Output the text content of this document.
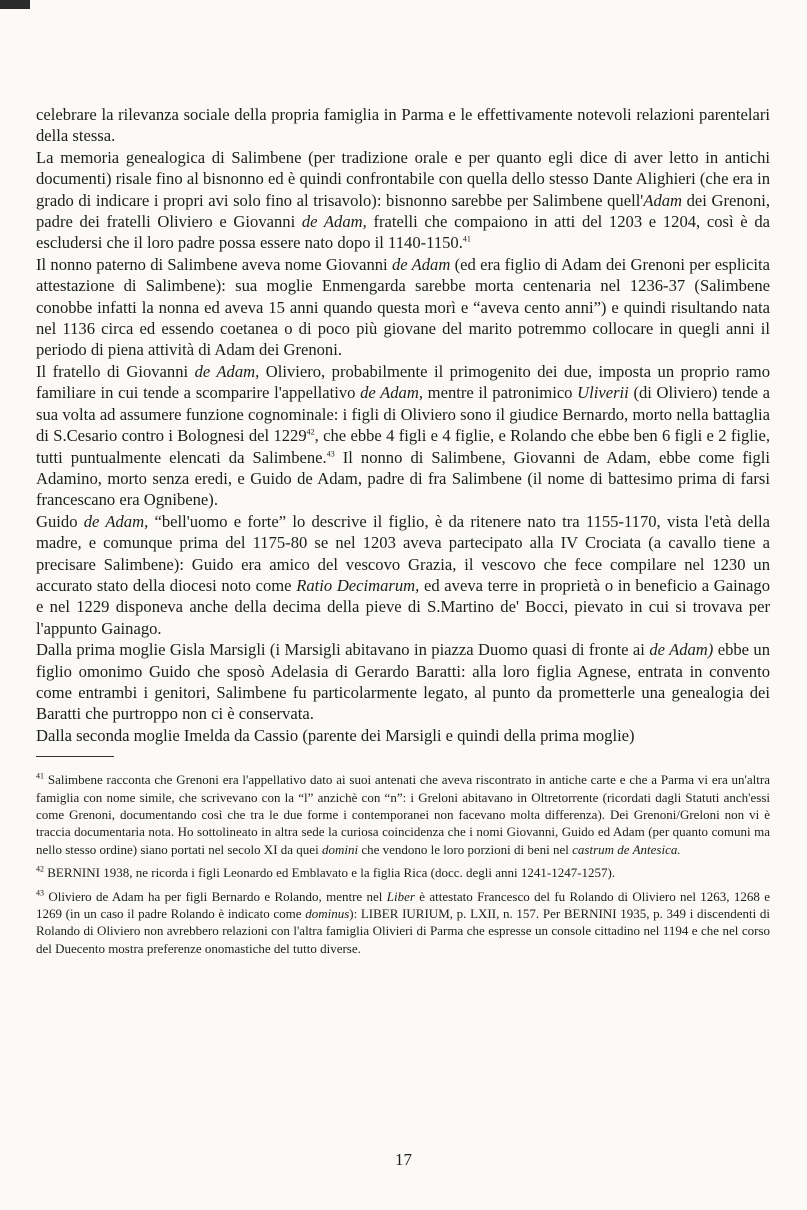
celebrare la rilevanza sociale della propria famiglia in Parma e le effettivamente notevoli relazioni parentelari della stessa.

La memoria genealogica di Salimbene (per tradizione orale e per quanto egli dice di aver letto in antichi documenti) risale fino al bisnonno ed è quindi confrontabile con quella dello stesso Dante Alighieri (che era in grado di indicare i propri avi solo fino al trisavolo): bisnonno sarebbe per Salimbene quell'Adam dei Grenoni, padre dei fratelli Oliviero e Giovanni de Adam, fratelli che compaiono in atti del 1203 e 1204, così è da escludersi che il loro padre possa essere nato dopo il 1140-1150.41

Il nonno paterno di Salimbene aveva nome Giovanni de Adam (ed era figlio di Adam dei Grenoni per esplicita attestazione di Salimbene): sua moglie Enmengarda sarebbe morta centenaria nel 1236-37 (Salimbene conobbe infatti la nonna ed aveva 15 anni quando questa morì e “aveva cento anni”) e quindi risultando nata nel 1136 circa ed essendo coetanea o di poco più giovane del marito potremmo collocare in quegli anni il periodo di piena attività di Adam dei Grenoni.

Il fratello di Giovanni de Adam, Oliviero, probabilmente il primogenito dei due, imposta un proprio ramo familiare in cui tende a scomparire l'appellativo de Adam, mentre il patronimico Uliverii (di Oliviero) tende a sua volta ad assumere funzione cognominale: i figli di Oliviero sono il giudice Bernardo, morto nella battaglia di S.Cesario contro i Bolognesi del 1229$^{42}$, che ebbe 4 figli e 4 figlie, e Rolando che ebbe ben 6 figli e 2 figlie, tutti puntualmente elencati da Salimbene.$^{43}$ Il nonno di Salimbene, Giovanni de Adam, ebbe come figli Adamino, morto senza eredi, e Guido de Adam, padre di fra Salimbene (il nome di battesimo prima di farsi francescano era Ognibene).

Guido de Adam, “bell'uomo e forte” lo descrive il figlio, è da ritenere nato tra 1155-1170, vista l'età della madre, e comunque prima del 1175-80 se nel 1203 aveva partecipato alla IV Crociata (a cavallo tiene a precisare Salimbene): Guido era amico del vescovo Grazia, il vescovo che fece compilare nel 1230 un accurato stato della diocesi noto come Ratio Decimarum, ed aveva terre in proprietà o in beneficio a Gainago e nel 1229 disponeva anche della decima della pieve di S.Martino de' Bocci, pievato in cui si trovava per l'appunto Gainago.

Dalla prima moglie Gisla Marsigli (i Marsigli abitavano in piazza Duomo quasi di fronte ai de Adam) ebbe un figlio omonimo Guido che sposò Adelasia di Gerardo Baratti: alla loro figlia Agnese, entrata in convento come entrambi i genitori, Salimbene fu particolarmente legato, al punto da prometterle una genealogia dei Baratti che purtroppo non ci è conservata.

Dalla seconda moglie Imelda da Cassio (parente dei Marsigli e quindi della prima moglie)

$^{41}$ Salimbene racconta che Grenoni era l'appellativo dato ai suoi antenati che aveva riscontrato in antiche carte e che a Parma vi era un'altra famiglia con nome simile, che scrivevano con la “l” anzichè con “n”: i Greloni abitavano in Oltretorrente (ricordati dagli Statuti anch'essi come Grenoni, documentando così che tra le due forme i contemporanei non facevano molta differenza). Dei Grenoni/Greloni non vi è traccia documentaria nota. Ho sottolineato in altra sede la curiosa coincidenza che i nomi Giovanni, Guido ed Adam (per quanto comuni ma nello stesso ordine) siano portati nel secolo XI da quei domini che vendono le loro porzioni di beni nel castrum de Antesica.

$^{42}$ BERNINI 1938, ne ricorda i figli Leonardo ed Emblavato e la figlia Rica (docc. degli anni 1241-1247-1257).

$^{43}$ Oliviero de Adam ha per figli Bernardo e Rolando, mentre nel Liber è attestato Francesco del fu Rolando di Oliviero nel 1263, 1268 e 1269 (in un caso il padre Rolando è indicato come dominus): LIBER IURIUM, p. LXII, n. 157. Per BERNINI 1935, p. 349 i discendenti di Rolando di Oliviero non avrebbero relazioni con l'altra famiglia Olivieri di Parma che espresse un console cittadino nel 1194 e che nel corso del Duecento mostra preferenze onomastiche del tutto diverse.

17
